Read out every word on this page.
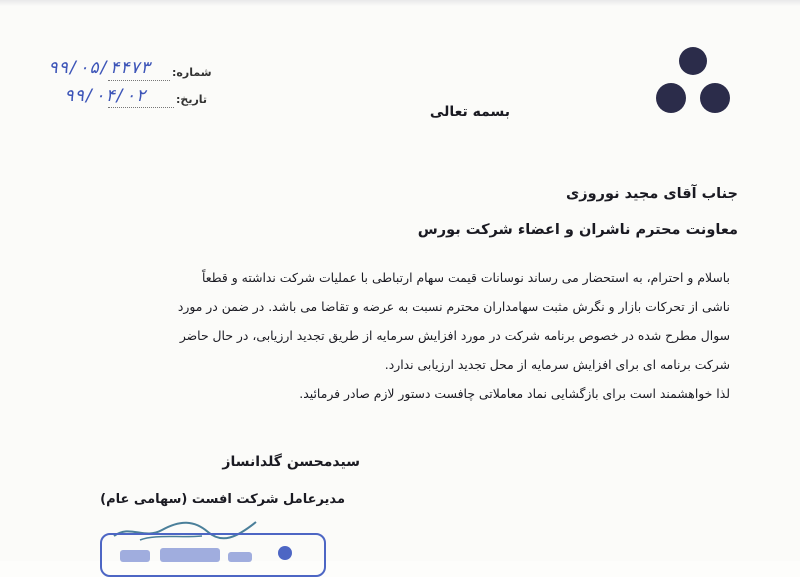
شماره:
۹۹/۰۵/۴۴۷۳
تاریخ:
۹۹/۰۴/۰۲
بسمه تعالی
جناب آقای مجید نوروزی
معاونت محترم ناشران و اعضاء شرکت بورس
باسلام و احترام، به استحضار می رساند نوسانات قیمت سهام ارتباطی با عملیات شرکت نداشته و قطعاً
ناشی از تحرکات بازار و نگرش مثبت سهامداران محترم نسبت به عرضه و تقاضا می باشد. در ضمن در مورد
سوال مطرح شده در خصوص برنامه شرکت در مورد افزایش سرمایه از طریق تجدید ارزیابی، در حال حاضر
شرکت برنامه ای برای افزایش سرمایه از محل تجدید ارزیابی ندارد.
لذا خواهشمند است برای بازگشایی نماد معاملاتی چافست دستور لازم صادر فرمائید.
سیدمحسن گلدانساز
مدیرعامل شرکت افست (سهامی عام)
